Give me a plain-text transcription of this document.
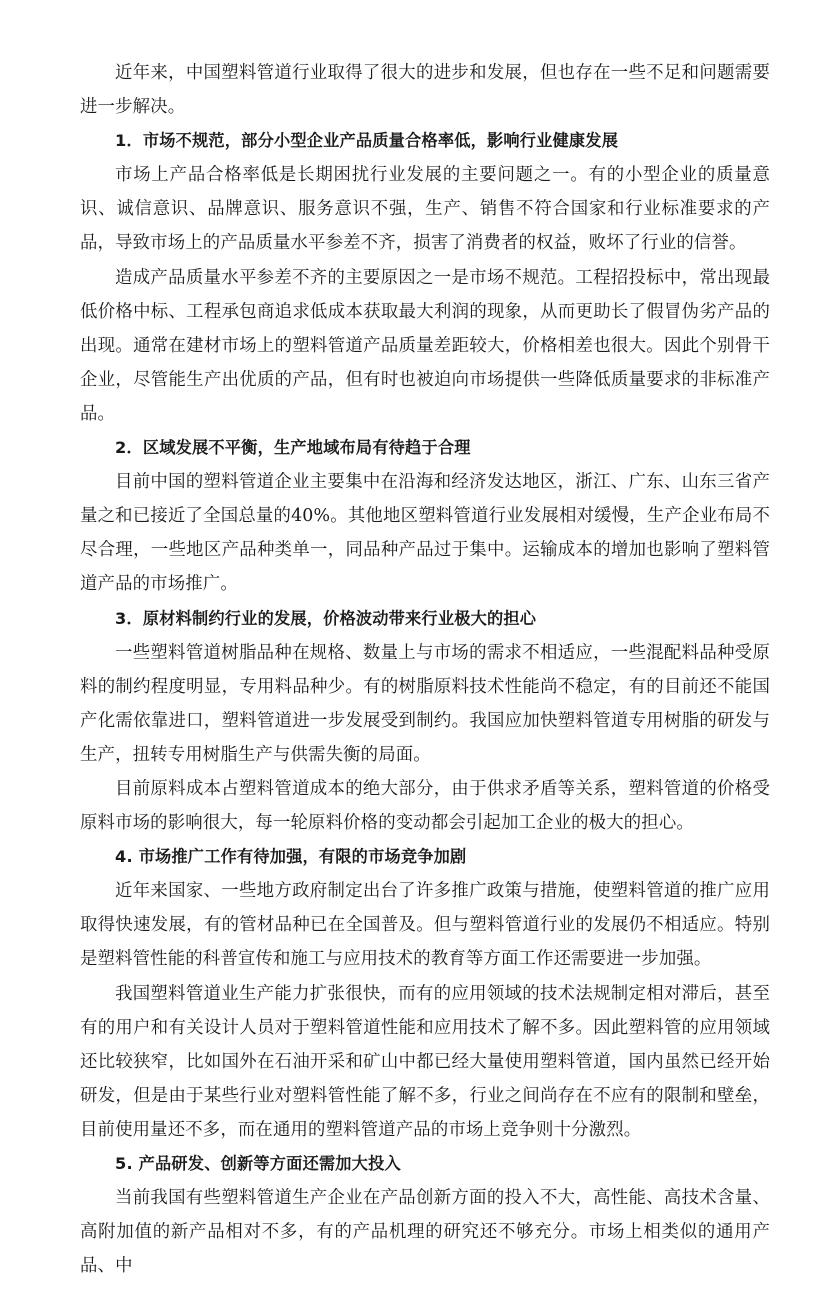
近年来，中国塑料管道行业取得了很大的进步和发展，但也存在一些不足和问题需要进一步解决。

1．市场不规范，部分小型企业产品质量合格率低，影响行业健康发展

市场上产品合格率低是长期困扰行业发展的主要问题之一。有的小型企业的质量意识、诚信意识、品牌意识、服务意识不强，生产、销售不符合国家和行业标准要求的产品，导致市场上的产品质量水平参差不齐，损害了消费者的权益，败坏了行业的信誉。

造成产品质量水平参差不齐的主要原因之一是市场不规范。工程招投标中，常出现最低价格中标、工程承包商追求低成本获取最大利润的现象，从而更助长了假冒伪劣产品的出现。通常在建材市场上的塑料管道产品质量差距较大，价格相差也很大。因此个别骨干企业，尽管能生产出优质的产品，但有时也被迫向市场提供一些降低质量要求的非标准产品。

2．区域发展不平衡，生产地域布局有待趋于合理

目前中国的塑料管道企业主要集中在沿海和经济发达地区，浙江、广东、山东三省产量之和已接近了全国总量的40%。其他地区塑料管道行业发展相对缓慢，生产企业布局不尽合理，一些地区产品种类单一，同品种产品过于集中。运输成本的增加也影响了塑料管道产品的市场推广。

3．原材料制约行业的发展，价格波动带来行业极大的担心

一些塑料管道树脂品种在规格、数量上与市场的需求不相适应，一些混配料品种受原料的制约程度明显，专用料品种少。有的树脂原料技术性能尚不稳定，有的目前还不能国产化需依靠进口，塑料管道进一步发展受到制约。我国应加快塑料管道专用树脂的研发与生产，扭转专用树脂生产与供需失衡的局面。

目前原料成本占塑料管道成本的绝大部分，由于供求矛盾等关系，塑料管道的价格受原料市场的影响很大，每一轮原料价格的变动都会引起加工企业的极大的担心。

4. 市场推广工作有待加强，有限的市场竞争加剧

近年来国家、一些地方政府制定出台了许多推广政策与措施，使塑料管道的推广应用取得快速发展，有的管材品种已在全国普及。但与塑料管道行业的发展仍不相适应。特别是塑料管性能的科普宣传和施工与应用技术的教育等方面工作还需要进一步加强。

我国塑料管道业生产能力扩张很快，而有的应用领域的技术法规制定相对滞后，甚至有的用户和有关设计人员对于塑料管道性能和应用技术了解不多。因此塑料管的应用领域还比较狭窄，比如国外在石油开采和矿山中都已经大量使用塑料管道，国内虽然已经开始研发，但是由于某些行业对塑料管性能了解不多，行业之间尚存在不应有的限制和壁垒，目前使用量还不多，而在通用的塑料管道产品的市场上竞争则十分激烈。

5. 产品研发、创新等方面还需加大投入

当前我国有些塑料管道生产企业在产品创新方面的投入不大，高性能、高技术含量、高附加值的新产品相对不多，有的产品机理的研究还不够充分。市场上相类似的通用产品、中
